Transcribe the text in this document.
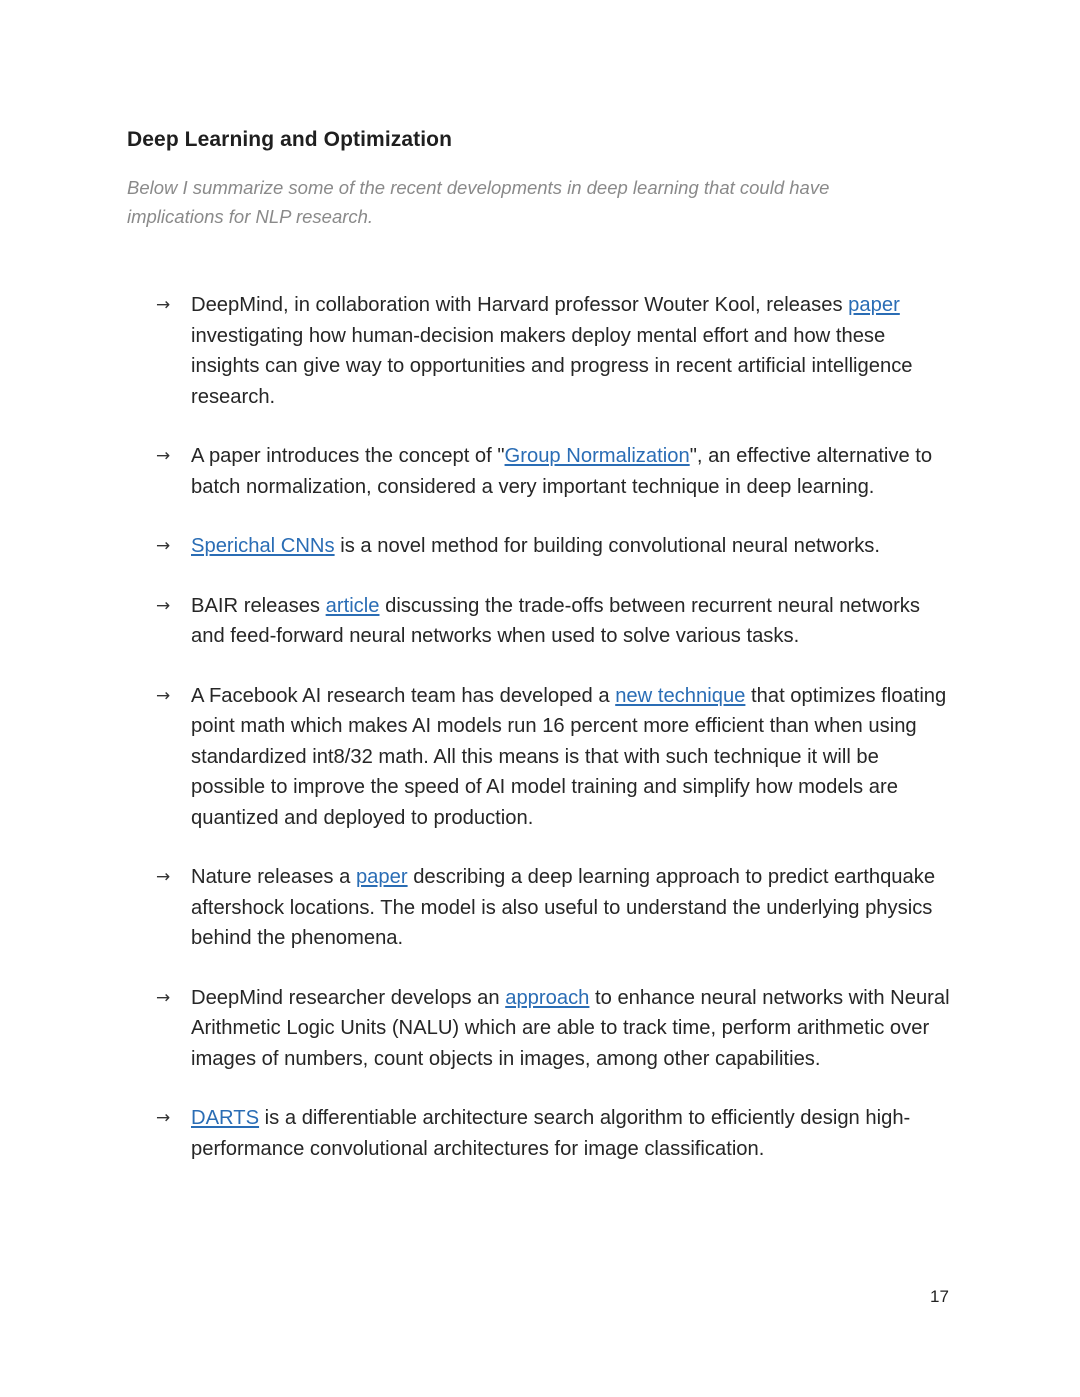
Deep Learning and Optimization

Below I summarize some of the recent developments in deep learning that could have implications for NLP research.

→	DeepMind, in collaboration with Harvard professor Wouter Kool, releases paper investigating how human-decision makers deploy mental effort and how these insights can give way to opportunities and progress in recent artificial intelligence research.
→	A paper introduces the concept of "Group Normalization", an effective alternative to batch normalization, considered a very important technique in deep learning.
→	Sperichal CNNs is a novel method for building convolutional neural networks.
→	BAIR releases article discussing the trade-offs between recurrent neural networks and feed-forward neural networks when used to solve various tasks.
→	A Facebook AI research team has developed a new technique that optimizes floating point math which makes AI models run 16 percent more efficient than when using standardized int8/32 math. All this means is that with such technique it will be possible to improve the speed of AI model training and simplify how models are quantized and deployed to production.
→	Nature releases a paper describing a deep learning approach to predict earthquake aftershock locations. The model is also useful to understand the underlying physics behind the phenomena.
→	DeepMind researcher develops an approach to enhance neural networks with Neural Arithmetic Logic Units (NALU) which are able to track time, perform arithmetic over images of numbers, count objects in images, among other capabilities.
→	DARTS is a differentiable architecture search algorithm to efficiently design high-performance convolutional architectures for image classification.
17
